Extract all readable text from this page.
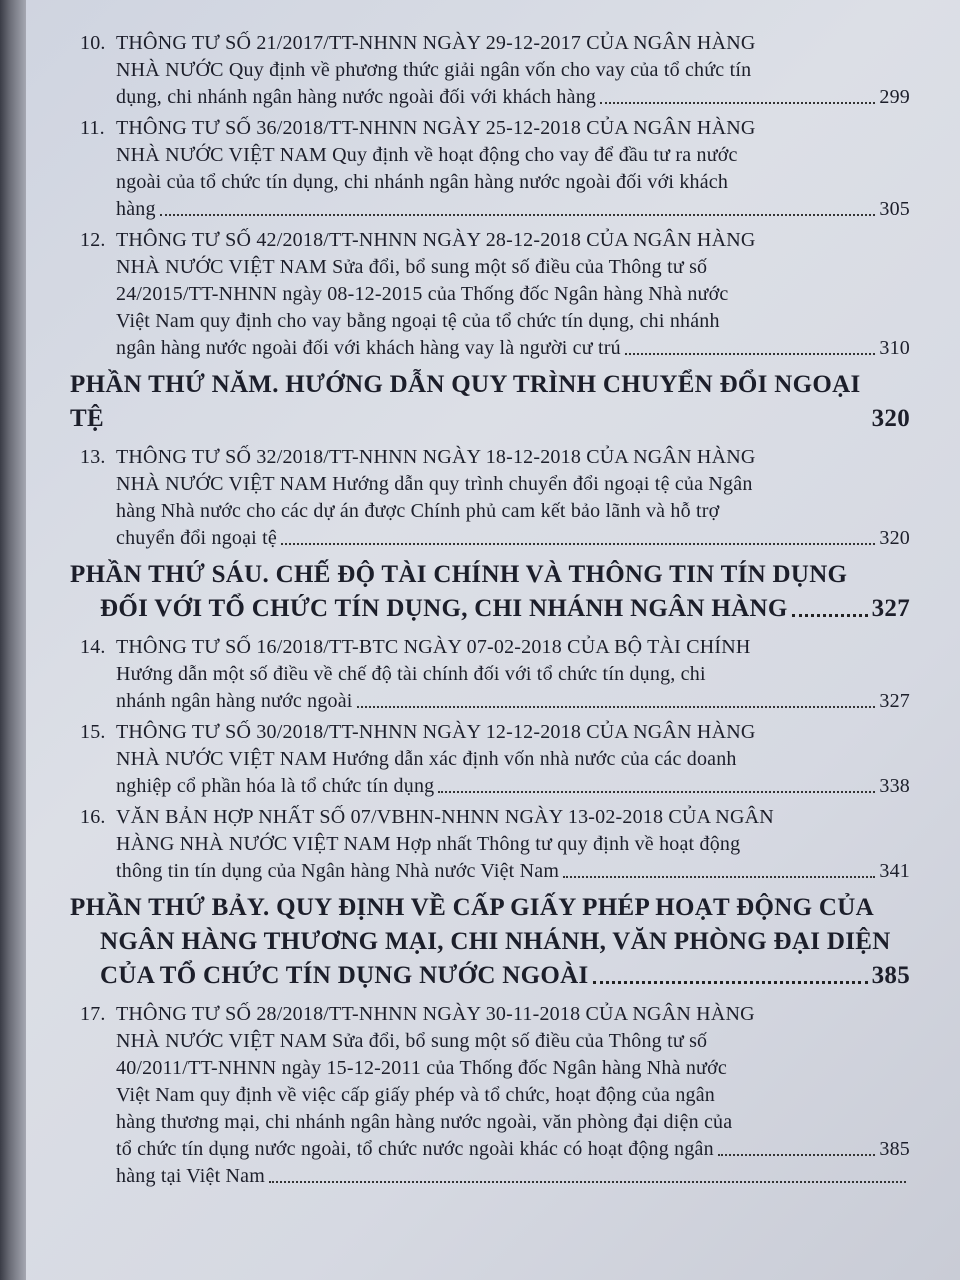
10. THÔNG TƯ SỐ 21/2017/TT-NHNN NGÀY 29-12-2017 CỦA NGÂN HÀNG
NHÀ NƯỚC Quy định về phương thức giải ngân vốn cho vay của tổ chức tín
dụng, chi nhánh ngân hàng nước ngoài đối với khách hàng	299
11. THÔNG TƯ SỐ 36/2018/TT-NHNN NGÀY 25-12-2018 CỦA NGÂN HÀNG
NHÀ NƯỚC VIỆT NAM Quy định về hoạt động cho vay để đầu tư ra nước
ngoài của tổ chức tín dụng, chi nhánh ngân hàng nước ngoài đối với khách
hàng	305
12. THÔNG TƯ SỐ 42/2018/TT-NHNN NGÀY 28-12-2018 CỦA NGÂN HÀNG
NHÀ NƯỚC VIỆT NAM Sửa đổi, bổ sung một số điều của Thông tư số
24/2015/TT-NHNN ngày 08-12-2015 của Thống đốc Ngân hàng Nhà nước
Việt Nam quy định cho vay bằng ngoại tệ của tổ chức tín dụng, chi nhánh
ngân hàng nước ngoài đối với khách hàng vay là người cư trú	310
PHẦN THỨ NĂM. HƯỚNG DẪN QUY TRÌNH CHUYỂN ĐỔI NGOẠI TỆ	320
13. THÔNG TƯ SỐ 32/2018/TT-NHNN NGÀY 18-12-2018 CỦA NGÂN HÀNG
NHÀ NƯỚC VIỆT NAM Hướng dẫn quy trình chuyển đổi ngoại tệ của Ngân
hàng Nhà nước cho các dự án được Chính phủ cam kết bảo lãnh và hỗ trợ
chuyển đổi ngoại tệ	320
PHẦN THỨ SÁU. CHẾ ĐỘ TÀI CHÍNH VÀ THÔNG TIN TÍN DỤNG
ĐỐI VỚI TỔ CHỨC TÍN DỤNG, CHI NHÁNH NGÂN HÀNG	327
14. THÔNG TƯ SỐ 16/2018/TT-BTC NGÀY 07-02-2018 CỦA BỘ TÀI CHÍNH
Hướng dẫn một số điều về chế độ tài chính đối với tổ chức tín dụng, chi
nhánh ngân hàng nước ngoài	327
15. THÔNG TƯ SỐ 30/2018/TT-NHNN NGÀY 12-12-2018 CỦA NGÂN HÀNG
NHÀ NƯỚC VIỆT NAM Hướng dẫn xác định vốn nhà nước của các doanh
nghiệp cổ phần hóa là tổ chức tín dụng	338
16. VĂN BẢN HỢP NHẤT SỐ 07/VBHN-NHNN NGÀY 13-02-2018 CỦA NGÂN
HÀNG NHÀ NƯỚC VIỆT NAM Hợp nhất Thông tư quy định về hoạt động
thông tin tín dụng của Ngân hàng Nhà nước Việt Nam	341
PHẦN THỨ BẢY. QUY ĐỊNH VỀ CẤP GIẤY PHÉP HOẠT ĐỘNG CỦA
NGÂN HÀNG THƯƠNG MẠI, CHI NHÁNH, VĂN PHÒNG ĐẠI DIỆN
CỦA TỔ CHỨC TÍN DỤNG NƯỚC NGOÀI	385
17. THÔNG TƯ SỐ 28/2018/TT-NHNN NGÀY 30-11-2018 CỦA NGÂN HÀNG
NHÀ NƯỚC VIỆT NAM Sửa đổi, bổ sung một số điều của Thông tư số
40/2011/TT-NHNN ngày 15-12-2011 của Thống đốc Ngân hàng Nhà nước
Việt Nam quy định về việc cấp giấy phép và tổ chức, hoạt động của ngân
hàng thương mại, chi nhánh ngân hàng nước ngoài, văn phòng đại diện của
tổ chức tín dụng nước ngoài, tổ chức nước ngoài khác có hoạt động ngân	385
hàng tại Việt Nam
